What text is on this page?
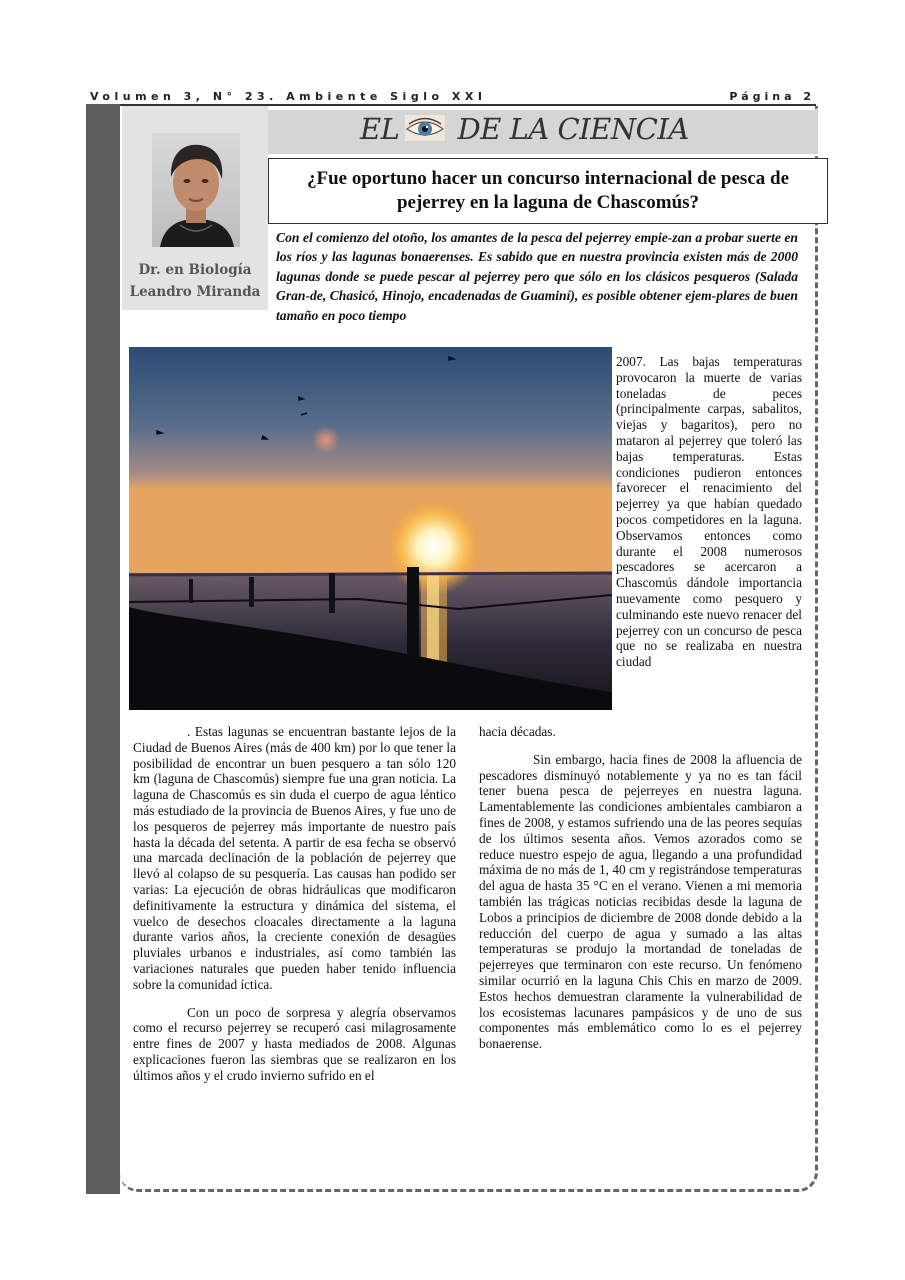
Volumen 3, N° 23. Ambiente Siglo XXI	Página 2
Dr. en Biología
Leandro Miranda
EL DE LA CIENCIA
¿Fue oportuno hacer un concurso internacional de pesca de pejerrey en la laguna de Chascomús?

Con el comienzo del otoño, los amantes de la pesca del pejerrey empie-zan a probar suerte en los ríos y las lagunas bonaerenses. Es sabido que en nuestra provincia existen más de 2000 lagunas donde se puede pescar al pejerrey pero que sólo en los clásicos pesqueros (Salada Gran-de, Chasicó, Hinojo, encadenadas de Guaminí), es posible obtener ejem-plares de buen tamaño en poco tiempo

2007. Las bajas temperaturas provocaron la muerte de varias toneladas de peces (principalmente carpas, sabalitos, viejas y bagaritos), pero no mataron al pejerrey que toleró las bajas temperaturas. Estas condiciones pudieron entonces favorecer el renacimiento del pejerrey ya que habían quedado pocos competidores en la laguna. Observamos entonces como durante el 2008 numerosos pescadores se acercaron a Chascomús dándole importancia nuevamente como pesquero y culminando este nuevo renacer del pejerrey con un concurso de pesca que no se realizaba en nuestra ciudad

. Estas lagunas se encuentran bastante lejos de la Ciudad de Buenos Aires (más de 400 km) por lo que tener la posibilidad de encontrar un buen pesquero a tan sólo 120 km (laguna de Chascomús) siempre fue una gran noticia. La laguna de Chascomús es sin duda el cuerpo de agua léntico más estudiado de la provincia de Buenos Aires, y fue uno de los pesqueros de pejerrey más importante de nuestro país hasta la década del setenta. A partir de esa fecha se observó una marcada declinación de la población de pejerrey que llevó al colapso de su pesquería. Las causas han podido ser varias: La ejecución de obras hidráulicas que modificaron definitivamente la estructura y dinámica del sistema, el vuelco de desechos cloacales directamente a la laguna durante varios años, la creciente conexión de desagües pluviales urbanos e industriales, así como también las variaciones naturales que pueden haber tenido influencia sobre la comunidad íctica.

Con un poco de sorpresa y alegría observamos como el recurso pejerrey se recuperó casi milagrosamente entre fines de 2007 y hasta mediados de 2008. Algunas explicaciones fueron las siembras que se realizaron en los últimos años y el crudo invierno sufrido en el

hacia décadas.

Sin embargo, hacia fines de 2008 la afluencia de pescadores disminuyó notablemente y ya no es tan fácil tener buena pesca de pejerreyes en nuestra laguna. Lamentablemente las condiciones ambientales cambiaron a fines de 2008, y estamos sufriendo una de las peores sequías de los últimos sesenta años. Vemos azorados como se reduce nuestro espejo de agua, llegando a una profundidad máxima de no más de 1, 40 cm y registrándose temperaturas del agua de hasta 35 °C en el verano. Vienen a mi memoria también las trágicas noticias recibidas desde la laguna de Lobos a principios de diciembre de 2008 donde debido a la reducción del cuerpo de agua y sumado a las altas temperaturas se produjo la mortandad de toneladas de pejerreyes que terminaron con este recurso. Un fenómeno similar ocurrió en la laguna Chis Chis en marzo de 2009. Estos hechos demuestran claramente la vulnerabilidad de los ecosistemas lacunares pampásicos y de uno de sus componentes más emblemático como lo es el pejerrey bonaerense.
